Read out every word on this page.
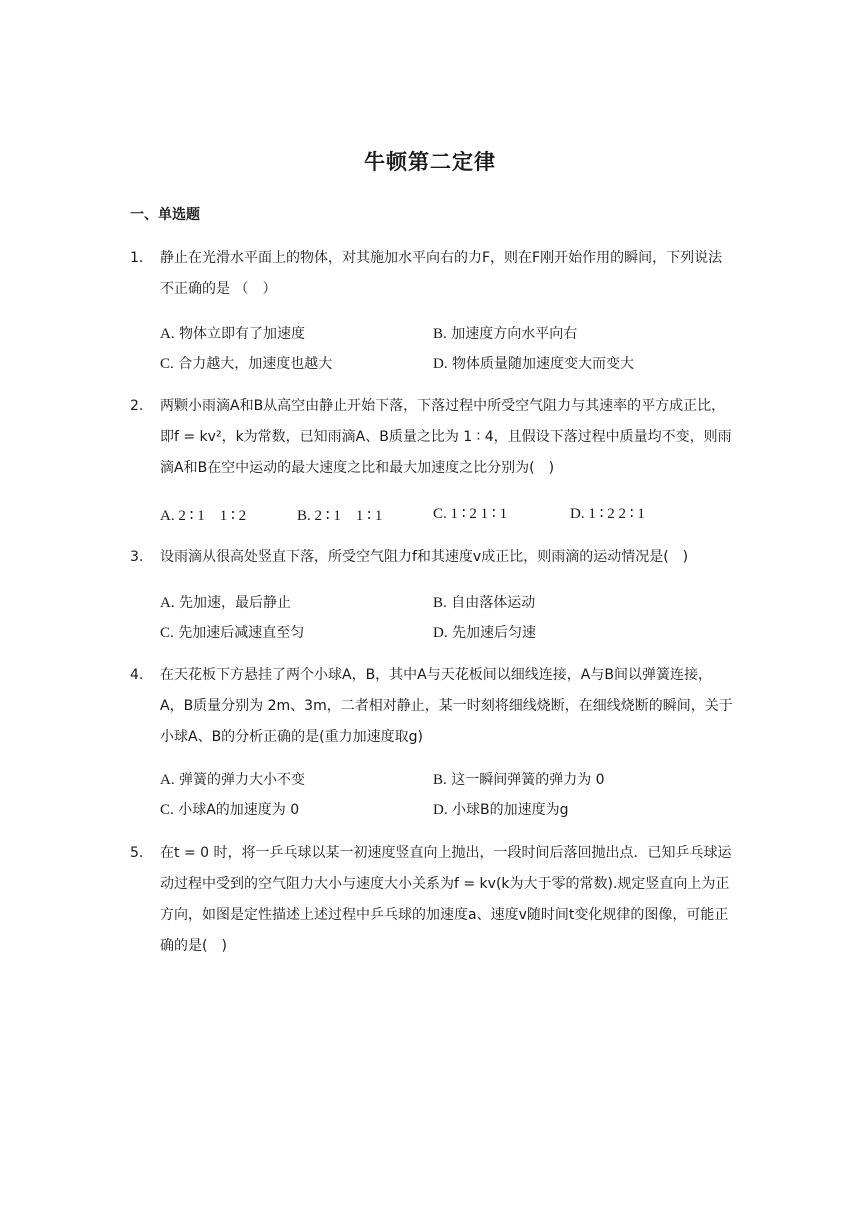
牛顿第二定律
一、单选题
1.	静止在光滑水平面上的物体，对其施加水平向右的力F，则在F刚开始作用的瞬间，下列说法不正确的是 （　）
A. 物体立即有了加速度	B. 加速度方向水平向右
C. 合力越大，加速度也越大	D. 物体质量随加速度变大而变大
2.	两颗小雨滴A和B从高空由静止开始下落，下落过程中所受空气阻力与其速率的平方成正比，即f = kv²，k为常数，已知雨滴A、B质量之比为 1 ∶ 4，且假设下落过程中质量均不变，则雨滴A和B在空中运动的最大速度之比和最大加速度之比分别为(　)
A. 2 ∶ 1　1 ∶ 2	B. 2 ∶ 1　1 ∶ 1	C. 1 ∶ 2 1 ∶ 1	D. 1 ∶ 2 2 ∶ 1
3.	设雨滴从很高处竖直下落，所受空气阻力f和其速度v成正比，则雨滴的运动情况是(　)
A. 先加速，最后静止	B. 自由落体运动
C. 先加速后减速直至匀	D. 先加速后匀速
4.	在天花板下方悬挂了两个小球A，B，其中A与天花板间以细线连接，A与B间以弹簧连接，A，B质量分别为 2m、3m，二者相对静止，某一时刻将细线烧断，在细线烧断的瞬间，关于小球A、B的分析正确的是(重力加速度取g)
A. 弹簧的弹力大小不变	B. 这一瞬间弹簧的弹力为 0
C. 小球A的加速度为 0	D. 小球B的加速度为g
5.	在t = 0 时，将一乒乓球以某一初速度竖直向上抛出，一段时间后落回抛出点．已知乒乓球运动过程中受到的空气阻力大小与速度大小关系为f = kv(k为大于零的常数).规定竖直向上为正方向，如图是定性描述上述过程中乒乓球的加速度a、速度v随时间t变化规律的图像，可能正确的是(　)
